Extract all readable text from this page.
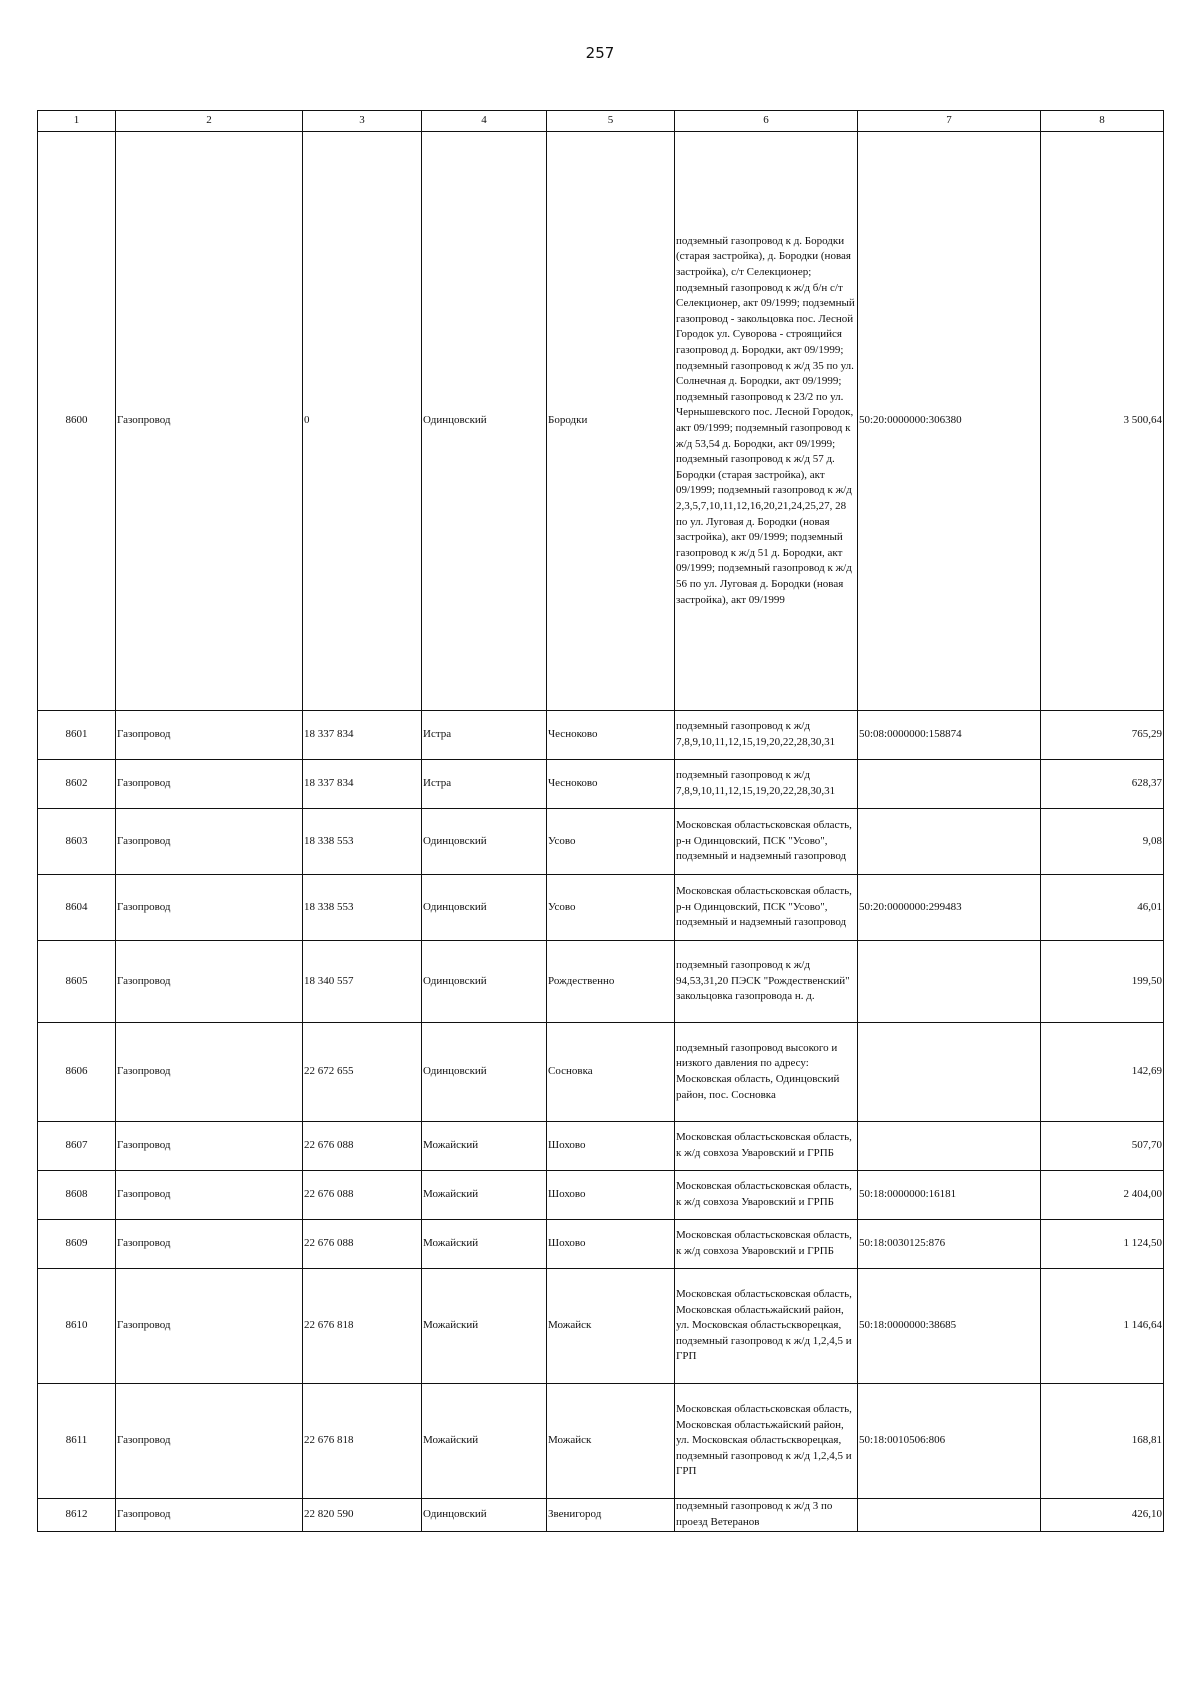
257
1	2	3	4	5	6	7	8
8600	Газопровод	0	Одинцовский	Бородки	подземный газопровод к д. Бородки (старая застройка), д. Бородки (новая застройка), с/т Селекционер; подземный газопровод к ж/д б/н с/т Селекционер, акт 09/1999; подземный газопровод - закольцовка пос. Лесной Городок ул. Суворова - строящийся газопровод д. Бородки, акт 09/1999; подземный газопровод к ж/д 35 по ул. Солнечная д. Бородки, акт 09/1999; подземный газопровод к 23/2 по ул. Чернышевского пос. Лесной Городок, акт 09/1999; подземный газопровод к ж/д 53,54 д. Бородки, акт 09/1999; подземный газопровод к ж/д 57 д. Бородки (старая застройка), акт 09/1999; подземный газопровод к ж/д 2,3,5,7,10,11,12,16,20,21,24,25,27, 28 по ул. Луговая д. Бородки (новая застройка), акт 09/1999; подземный газопровод к ж/д 51 д. Бородки, акт 09/1999; подземный газопровод к ж/д 56 по ул. Луговая д. Бородки (новая застройка), акт 09/1999	50:20:0000000:306380	3 500,64
8601	Газопровод	18 337 834	Истра	Чесноково	подземный газопровод к ж/д 7,8,9,10,11,12,15,19,20,22,28,30,31	50:08:0000000:158874	765,29
8602	Газопровод	18 337 834	Истра	Чесноково	подземный газопровод к ж/д 7,8,9,10,11,12,15,19,20,22,28,30,31		628,37
8603	Газопровод	18 338 553	Одинцовский	Усово	Московская областьсковская область, р-н Одинцовский, ПСК "Усово", подземный и надземный газопровод		9,08
8604	Газопровод	18 338 553	Одинцовский	Усово	Московская областьсковская область, р-н Одинцовский, ПСК "Усово", подземный и надземный газопровод	50:20:0000000:299483	46,01
8605	Газопровод	18 340 557	Одинцовский	Рождественно	подземный газопровод к ж/д 94,53,31,20 ПЭСК "Рождественский" закольцовка газопровода н. д.		199,50
8606	Газопровод	22 672 655	Одинцовский	Сосновка	подземный газопровод высокого и низкого давления по адресу: Московская область, Одинцовский район, пос. Сосновка		142,69
8607	Газопровод	22 676 088	Можайский	Шохово	Московская областьсковская область, к ж/д совхоза Уваровский и ГРПБ		507,70
8608	Газопровод	22 676 088	Можайский	Шохово	Московская областьсковская область, к ж/д совхоза Уваровский и ГРПБ	50:18:0000000:16181	2 404,00
8609	Газопровод	22 676 088	Можайский	Шохово	Московская областьсковская область, к ж/д совхоза Уваровский и ГРПБ	50:18:0030125:876	1 124,50
8610	Газопровод	22 676 818	Можайский	Можайск	Московская областьсковская область, Московская областьжайский район, ул. Московская областьскворецкая, подземный газопровод к ж/д 1,2,4,5 и ГРП	50:18:0000000:38685	1 146,64
8611	Газопровод	22 676 818	Можайский	Можайск	Московская областьсковская область, Московская областьжайский район, ул. Московская областьскворецкая, подземный газопровод к ж/д 1,2,4,5 и ГРП	50:18:0010506:806	168,81
8612	Газопровод	22 820 590	Одинцовский	Звенигород	подземный газопровод к ж/д 3 по проезд Ветеранов		426,10
